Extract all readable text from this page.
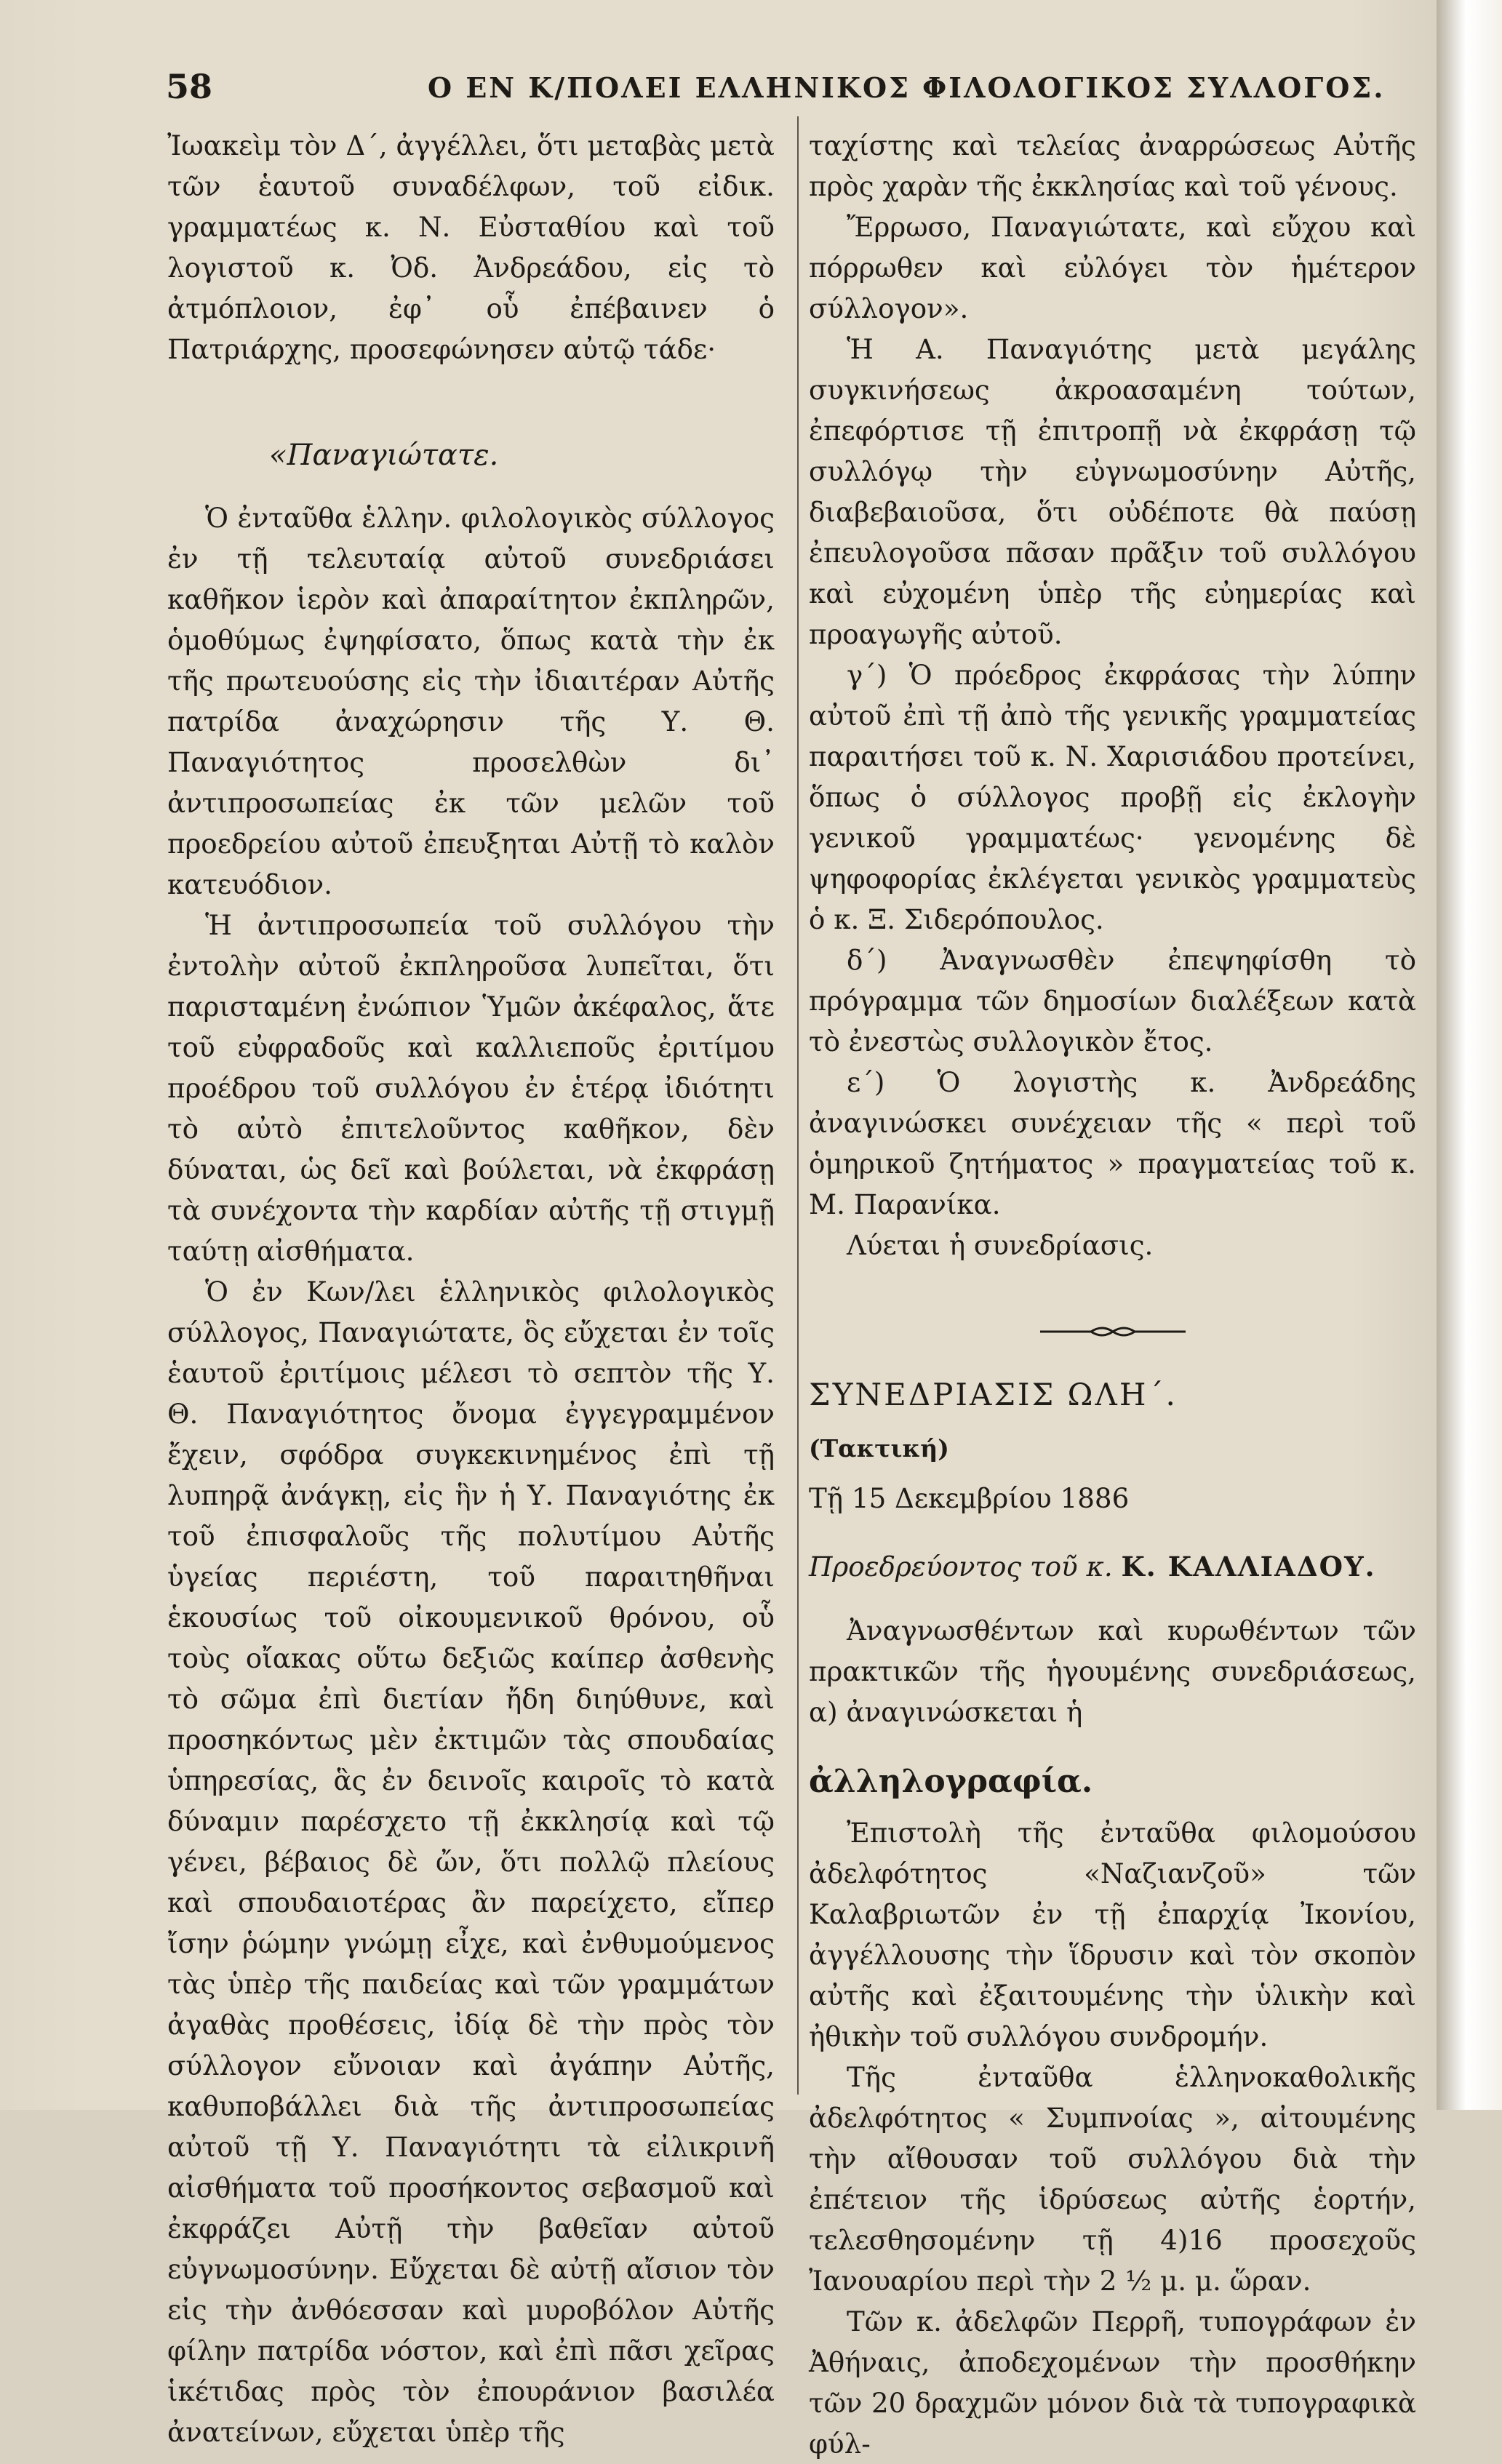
58	Ο ΕΝ Κ/ΠΟΛΕΙ ΕΛΛΗΝΙΚΟΣ ΦΙΛΟΛΟΓΙΚΟΣ ΣΥΛΛΟΓΟΣ.

Ἰωακεὶμ τὸν Δ΄, ἀγγέλλει, ὅτι μεταβὰς μετὰ τῶν ἑαυτοῦ συναδέλφων, τοῦ εἰδικ. γραμματέως κ. Ν. Εὐσταθίου καὶ τοῦ λογιστοῦ κ. Ὀδ. Ἀνδρεάδου, εἰς τὸ ἀτμόπλοιον, ἐφ᾽ οὗ ἐπέβαινεν ὁ Πατριάρχης, προσεφώνησεν αὐτῷ τάδε·

«Παναγιώτατε.

Ὁ ἐνταῦθα ἑλλην. φιλολογικὸς σύλλογος ἐν τῇ τελευταίᾳ αὐτοῦ συνεδριάσει καθῆκον ἱερὸν καὶ ἀπαραίτητον ἐκπληρῶν, ὁμοθύμως ἐψηφίσατο, ὅπως κατὰ τὴν ἐκ τῆς πρωτευούσης εἰς τὴν ἰδιαιτέραν Αὐτῆς πατρίδα ἀναχώρησιν τῆς Υ. Θ. Παναγιότητος προσελθὼν δι᾽ ἀντιπροσωπείας ἐκ τῶν μελῶν τοῦ προεδρείου αὐτοῦ ἐπευξηται Αὐτῇ τὸ καλὸν κατευόδιον.

Ἡ ἀντιπροσωπεία τοῦ συλλόγου τὴν ἐντολὴν αὐτοῦ ἐκπληροῦσα λυπεῖται, ὅτι παρισταμένη ἐνώπιον Ὑμῶν ἀκέφαλος, ἅτε τοῦ εὐφραδοῦς καὶ καλλιεποῦς ἐριτίμου προέδρου τοῦ συλλόγου ἐν ἑτέρᾳ ἰδιότητι τὸ αὐτὸ ἐπιτελοῦντος καθῆκον, δὲν δύναται, ὡς δεῖ καὶ βούλεται, νὰ ἐκφράσῃ τὰ συνέχοντα τὴν καρδίαν αὐτῆς τῇ στιγμῇ ταύτῃ αἰσθήματα.

Ὁ ἐν Κων/λει ἑλληνικὸς φιλολογικὸς σύλλογος, Παναγιώτατε, ὃς εὔχεται ἐν τοῖς ἑαυτοῦ ἐριτίμοις μέλεσι τὸ σεπτὸν τῆς Υ. Θ. Παναγιότητος ὄνομα ἐγγεγραμμένον ἔχειν, σφόδρα συγκεκινημένος ἐπὶ τῇ λυπηρᾷ ἀνάγκῃ, εἰς ἣν ἡ Υ. Παναγιότης ἐκ τοῦ ἐπισφαλοῦς τῆς πολυτίμου Αὐτῆς ὑγείας περιέστη, τοῦ παραιτηθῆναι ἑκουσίως τοῦ οἰκουμενικοῦ θρόνου, οὗ τοὺς οἴακας οὕτω δεξιῶς καίπερ ἀσθενὴς τὸ σῶμα ἐπὶ διετίαν ἤδη διηύθυνε, καὶ προσηκόντως μὲν ἐκτιμῶν τὰς σπουδαίας ὑπηρεσίας, ἃς ἐν δεινοῖς καιροῖς τὸ κατὰ δύναμιν παρέσχετο τῇ ἐκκλησίᾳ καὶ τῷ γένει, βέβαιος δὲ ὤν, ὅτι πολλῷ πλείους καὶ σπουδαιοτέρας ἂν παρείχετο, εἴπερ ἴσην ῥώμην γνώμῃ εἶχε, καὶ ἐνθυμούμενος τὰς ὑπὲρ τῆς παιδείας καὶ τῶν γραμμάτων ἀγαθὰς προθέσεις, ἰδίᾳ δὲ τὴν πρὸς τὸν σύλλογον εὔνοιαν καὶ ἀγάπην Αὐτῆς, καθυποβάλλει διὰ τῆς ἀντιπροσωπείας αὐτοῦ τῇ Υ. Παναγιότητι τὰ εἰλικρινῆ αἰσθήματα τοῦ προσήκοντος σεβασμοῦ καὶ ἐκφράζει Αὐτῇ τὴν βαθεῖαν αὐτοῦ εὐγνωμοσύνην. Εὔχεται δὲ αὐτῇ αἴσιον τὸν εἰς τὴν ἀνθόεσσαν καὶ μυροβόλον Αὐτῆς φίλην πατρίδα νόστον, καὶ ἐπὶ πᾶσι χεῖρας ἱκέτιδας πρὸς τὸν ἐπουράνιον βασιλέα ἀνατείνων, εὔχεται ὑπὲρ τῆς

ταχίστης καὶ τελείας ἀναρρώσεως Αὐτῆς πρὸς χαρὰν τῆς ἐκκλησίας καὶ τοῦ γένους.

Ἔρρωσο, Παναγιώτατε, καὶ εὔχου καὶ πόρρωθεν καὶ εὐλόγει τὸν ἡμέτερον σύλλογον».

Ἡ Α. Παναγιότης μετὰ μεγάλης συγκινήσεως ἀκροασαμένη τούτων, ἐπεφόρτισε τῇ ἐπιτροπῇ νὰ ἐκφράσῃ τῷ συλλόγῳ τὴν εὐγνωμοσύνην Αὐτῆς, διαβεβαιοῦσα, ὅτι οὐδέποτε θὰ παύσῃ ἐπευλογοῦσα πᾶσαν πρᾶξιν τοῦ συλλόγου καὶ εὐχομένη ὑπὲρ τῆς εὐημερίας καὶ προαγωγῆς αὐτοῦ.

γ΄) Ὁ πρόεδρος ἐκφράσας τὴν λύπην αὐτοῦ ἐπὶ τῇ ἀπὸ τῆς γενικῆς γραμματείας παραιτήσει τοῦ κ. Ν. Χαρισιάδου προτείνει, ὅπως ὁ σύλλογος προβῇ εἰς ἐκλογὴν γενικοῦ γραμματέως· γενομένης δὲ ψηφοφορίας ἐκλέγεται γενικὸς γραμματεὺς ὁ κ. Ξ. Σιδερόπουλος.

δ΄) Ἀναγνωσθὲν ἐπεψηφίσθη τὸ πρόγραμμα τῶν δημοσίων διαλέξεων κατὰ τὸ ἐνεστὼς συλλογικὸν ἔτος.

ε΄) Ὁ λογιστὴς κ. Ἀνδρεάδης ἀναγινώσκει συνέχειαν τῆς « περὶ τοῦ ὁμηρικοῦ ζητήματος » πραγματείας τοῦ κ. Μ. Παρανίκα.

Λύεται ἡ συνεδρίασις.

ΣΥΝΕΔΡΙΑΣΙΣ ΩΛΗ΄.

(Τακτική)

Τῇ 15 Δεκεμβρίου 1886

Προεδρεύοντος τοῦ κ. Κ. ΚΑΛΛΙΑΔΟΥ.

Ἀναγνωσθέντων καὶ κυρωθέντων τῶν πρακτικῶν τῆς ἡγουμένης συνεδριάσεως, α) ἀναγινώσκεται ἡ

ἀλληλογραφία.

Ἐπιστολὴ τῆς ἐνταῦθα φιλομούσου ἀδελφότητος «Ναζιανζοῦ» τῶν Καλαβριωτῶν ἐν τῇ ἐπαρχίᾳ Ἰκονίου, ἀγγέλλουσης τὴν ἵδρυσιν καὶ τὸν σκοπὸν αὐτῆς καὶ ἐξαιτουμένης τὴν ὑλικὴν καὶ ἠθικὴν τοῦ συλλόγου συνδρομήν.

Τῆς ἐνταῦθα ἑλληνοκαθολικῆς ἀδελφότητος « Συμπνοίας », αἰτουμένης τὴν αἴθουσαν τοῦ συλλόγου διὰ τὴν ἐπέτειον τῆς ἱδρύσεως αὐτῆς ἑορτήν, τελεσθησομένην τῇ 4)16 προσεχοῦς Ἰανουαρίου περὶ τὴν 2 ½ μ. μ. ὥραν.

Τῶν κ. ἀδελφῶν Περρῆ, τυπογράφων ἐν Ἀθήναις, ἀποδεχομένων τὴν προσθήκην τῶν 20 δραχμῶν μόνον διὰ τὰ τυπογραφικὰ φύλ-
